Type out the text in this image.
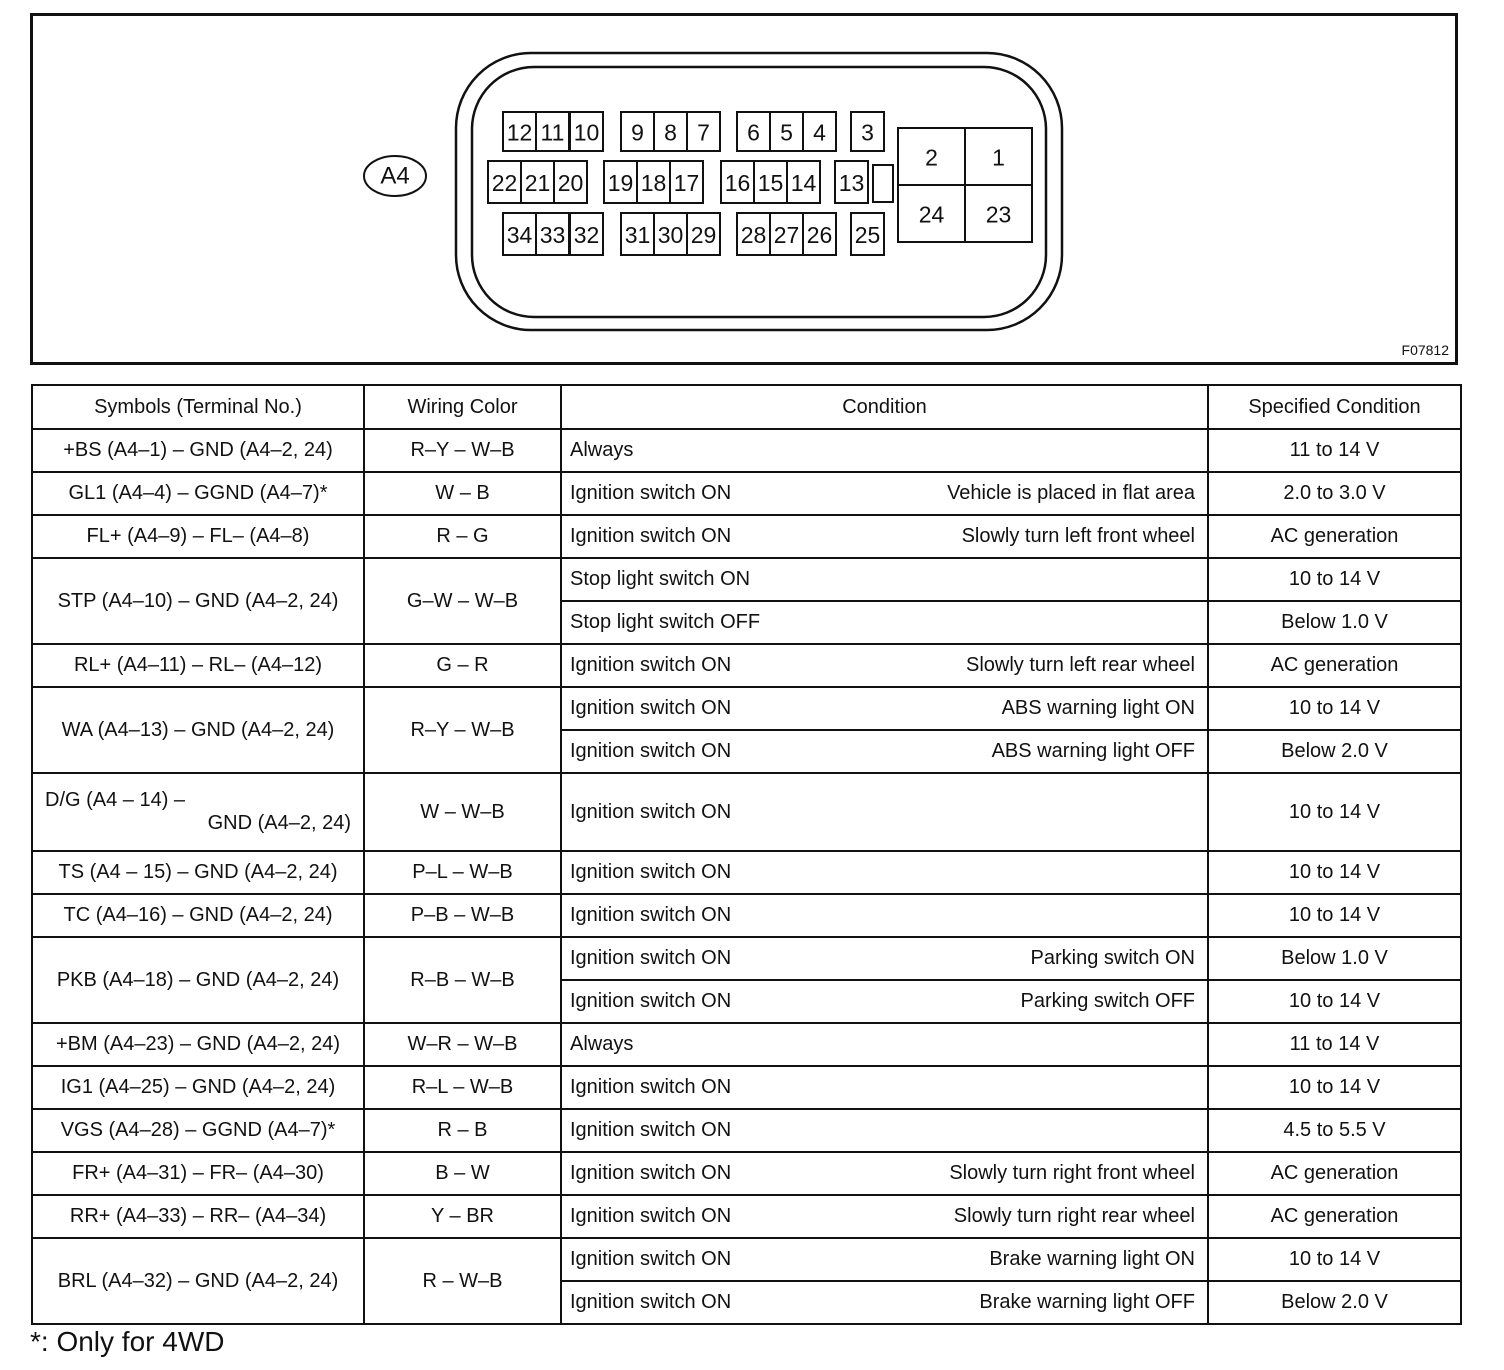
A4
12 11 10 9 8 7 6 5 4 3
22 21 20 19 18 17 16 15 14 13
34 33 32 31 30 29 28 27 26 25
2 1
24 23
F07812
Symbols (Terminal No.)	Wiring Color	Condition	Specified Condition
+BS (A4–1) – GND (A4–2, 24)	R–Y – W–B	Always	11 to 14 V
GL1 (A4–4) – GGND (A4–7)*	W – B	Ignition switch ON Vehicle is placed in flat area	2.0 to 3.0 V
FL+ (A4–9) – FL– (A4–8)	R – G	Ignition switch ON Slowly turn left front wheel	AC generation
STP (A4–10) – GND (A4–2, 24)	G–W – W–B	Stop light switch ON	10 to 14 V

		Stop light switch OFF	Below 1.0 V
RL+ (A4–11) – RL– (A4–12)	G – R	Ignition switch ON Slowly turn left rear wheel	AC generation
WA (A4–13) – GND (A4–2, 24)	R–Y – W–B	Ignition switch ON ABS warning light ON	10 to 14 V

		Ignition switch ON ABS warning light OFF	Below 2.0 V

D/G (A4 – 14) –
GND (A4–2, 24)	W – W–B	Ignition switch ON	10 to 14 V
TS (A4 – 15) – GND (A4–2, 24)	P–L – W–B	Ignition switch ON	10 to 14 V
TC (A4–16) – GND (A4–2, 24)	P–B – W–B	Ignition switch ON	10 to 14 V
PKB (A4–18) – GND (A4–2, 24)	R–B – W–B	Ignition switch ON Parking switch ON	Below 1.0 V

		Ignition switch ON Parking switch OFF	10 to 14 V
+BM (A4–23) – GND (A4–2, 24)	W–R – W–B	Always	11 to 14 V
IG1 (A4–25) – GND (A4–2, 24)	R–L – W–B	Ignition switch ON	10 to 14 V
VGS (A4–28) – GGND (A4–7)*	R – B	Ignition switch ON	4.5 to 5.5 V
FR+ (A4–31) – FR– (A4–30)	B – W	Ignition switch ON Slowly turn right front wheel	AC generation
RR+ (A4–33) – RR– (A4–34)	Y – BR	Ignition switch ON Slowly turn right rear wheel	AC generation
BRL (A4–32) – GND (A4–2, 24)	R – W–B	Ignition switch ON Brake warning light ON	10 to 14 V

		Ignition switch ON Brake warning light OFF	Below 2.0 V
*: Only for 4WD
